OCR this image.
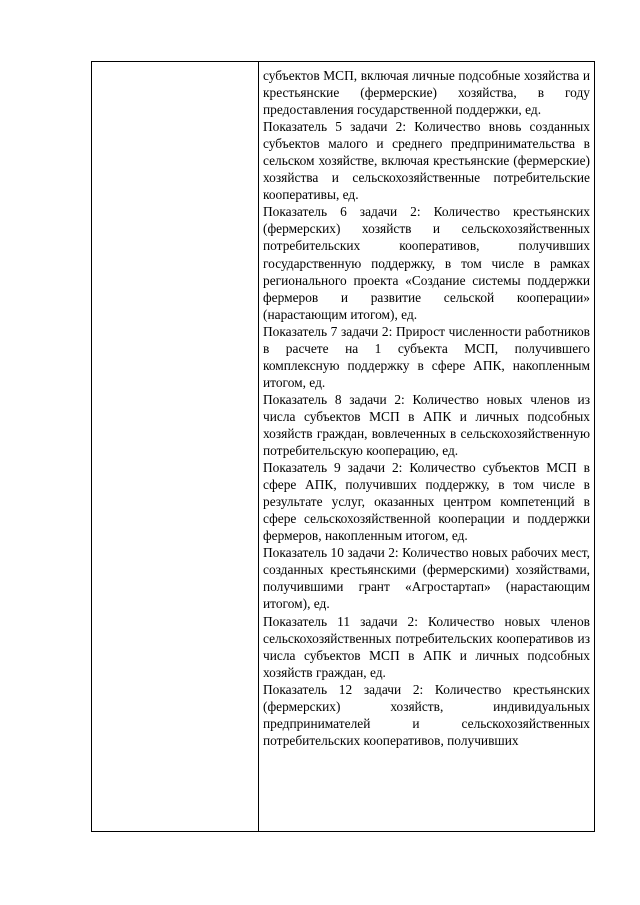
субъектов МСП, включая личные подсобные хозяйства и крестьянские (фермерские) хозяйства, в году предоставления государственной поддержки, ед.

Показатель 5 задачи 2: Количество вновь созданных субъектов малого и среднего предпринимательства в сельском хозяйстве, включая крестьянские (фермерские) хозяйства и сельскохозяйственные потребительские кооперативы, ед.

Показатель 6 задачи 2: Количество крестьянских (фермерских) хозяйств и сельскохозяйственных потребительских кооперативов, получивших государственную поддержку, в том числе в рамках регионального проекта «Создание системы поддержки фермеров и развитие сельской кооперации» (нарастающим итогом), ед.

Показатель 7 задачи 2: Прирост численности работников в расчете на 1 субъекта МСП, получившего комплексную поддержку в сфере АПК, накопленным итогом, ед.

Показатель 8 задачи 2: Количество новых членов из числа субъектов МСП в АПК и личных подсобных хозяйств граждан, вовлеченных в сельскохозяйственную потребительскую кооперацию, ед.

Показатель 9 задачи 2: Количество субъектов МСП в сфере АПК, получивших поддержку, в том числе в результате услуг, оказанных центром компетенций в сфере сельскохозяйственной кооперации и поддержки фермеров, накопленным итогом, ед.

Показатель 10 задачи 2: Количество новых рабочих мест, созданных крестьянскими (фермерскими) хозяйствами, получившими грант «Агростартап» (нарастающим итогом), ед.

Показатель 11 задачи 2: Количество новых членов сельскохозяйственных потребительских кооперативов из числа субъектов МСП в АПК и личных подсобных хозяйств граждан, ед.

Показатель 12 задачи 2: Количество крестьянских (фермерских) хозяйств, индивидуальных предпринимателей и сельскохозяйственных потребительских кооперативов, получивших
